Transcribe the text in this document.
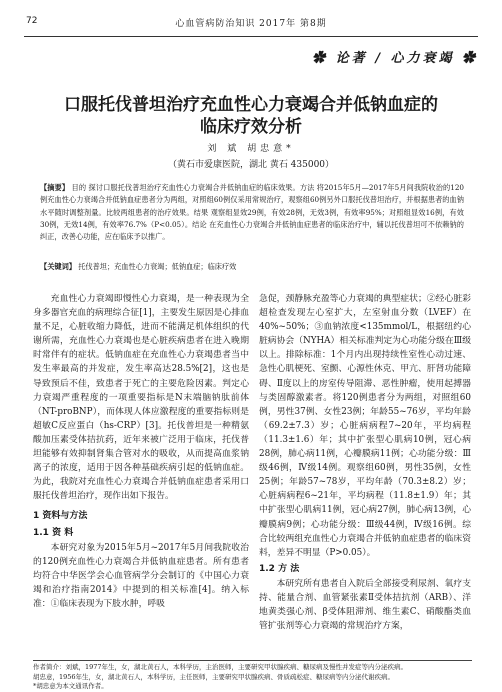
72	心血管病防治知识 2017年 第8期
✿ 论著 / 心力衰竭 ✿
口服托伐普坦治疗充血性心力衰竭合并低钠血症的
临床疗效分析
刘 斌 胡忠意*
（黄石市爱康医院，湖北 黄石 435000）
【摘要】 目的 探讨口服托伐普坦治疗充血性心力衰竭合并低钠血症的临床效果。方法 将2015年5月—2017年5月间我院收治的120例充血性心力衰竭合并低钠血症患者分为两组，对照组60例仅采用常规治疗，观察组60例另外口服托伐普坦治疗，并根据患者的血钠水平随时调整剂量。比较两组患者的治疗效果。结果 观察组显效29例，有效28例，无效3例，有效率95%；对照组显效16例，有效30例，无效14例，有效率76.7%（P<0.05）。结论 在充血性心力衰竭合并低钠血症患者的临床治疗中，辅以托伐普坦可不依赖钠的纠正，改善心功能，应在临床予以推广。
【关键词】 托伐普坦；充血性心力衰竭；低钠血症；临床疗效

充血性心力衰竭即慢性心力衰竭，是一种表现为全身多器官充血的病理综合征[1]，主要发生原因是心排血量不足，心脏收缩力降低，进而不能满足机体组织的代谢所需，充血性心力衰竭也是心脏疾病患者在进入晚期时常伴有的症状。低钠血症在充血性心力衰竭患者当中发生率最高的并发症，发生率高达28.5%[2]，这也是导致预后不佳，致患者于死亡的主要危险因素。判定心力衰竭严重程度的一项重要指标是N末端脑钠肽前体（NT-proBNP），而体现人体应激程度的重要指标则是超敏C反应蛋白（hs-CRP）[3]。托伐普坦是一种精氨酸加压素受体拮抗药，近年来被广泛用于临床，托伐普坦能够有效抑制肾集合管对水的吸收，从而提高血浆钠离子的浓度，适用于因各种基础疾病引起的低钠血症。为此，我院对充血性心力衰竭合并低钠血症患者采用口服托伐普坦治疗，现作出如下报告。

1 资料与方法
1.1 资 料

本研究对象为2015年5月~2017年5月间我院收治的120例充血性心力衰竭合并低钠血症患者。所有患者均符合中华医学会心血管病学分会制订的《中国心力衰竭和治疗指南2014》中提到的相关标准[4]。纳入标准：①临床表现为下肢水肿，呼吸

急促，颈静脉充盈等心力衰竭的典型症状；②经心脏彩超检查发现左心室扩大，左室射血分数（LVEF）在40%~50%；③血钠浓度<135mmol/L，根据纽约心脏病协会（NYHA）相关标准判定为心功能分级在Ⅲ级以上。排除标准：1个月内出现持续性室性心动过速、急性心肌梗死、室颤、心源性休克、甲亢、肝肾功能障碍、Ⅱ度以上的房室传导阻滞、恶性肿瘤，使用起搏器与类固醇激素者。将120例患者分为两组，对照组60例，男性37例、女性23例；年龄55~76岁，平均年龄（69.2±7.3）岁；心脏病病程7~20年，平均病程（11.3±1.6）年；其中扩张型心肌病10例，冠心病28例，肺心病11例，心瓣膜病11例；心功能分级：Ⅲ级46例，Ⅳ级14例。观察组60例，男性35例，女性25例；年龄57~78岁，平均年龄（70.3±8.2）岁；心脏病病程6~21年，平均病程（11.8±1.9）年；其中扩张型心肌病11例，冠心病27例，肺心病13例，心瓣膜病9例；心功能分级：Ⅲ级44例，Ⅳ级16例。综合比较两组充血性心力衰竭合并低钠血症患者的临床资料，差异不明显（P>0.05）。

1.2 方 法

本研究所有患者自入院后全部接受利尿剂、氧疗支持、能量合剂、血管紧张素Ⅱ受体拮抗剂（ARB）、洋地黄类强心剂、β受体阻滞剂、维生素C、硝酸酯类血管扩张剂等心力衰竭的常规治疗方案，

作者简介：刘斌，1977年生，女，湖北黄石人，本科学历，主治医师，主要研究甲状腺疾病、糖尿病及慢性并发症等内分泌疾病。
胡忠意，1956年生，女，湖北黄石人，本科学历，主任医师，主要研究甲状腺疾病、骨质疏松症、糖尿病等内分泌代谢疾病。
*胡忠意为本文通讯作者。
